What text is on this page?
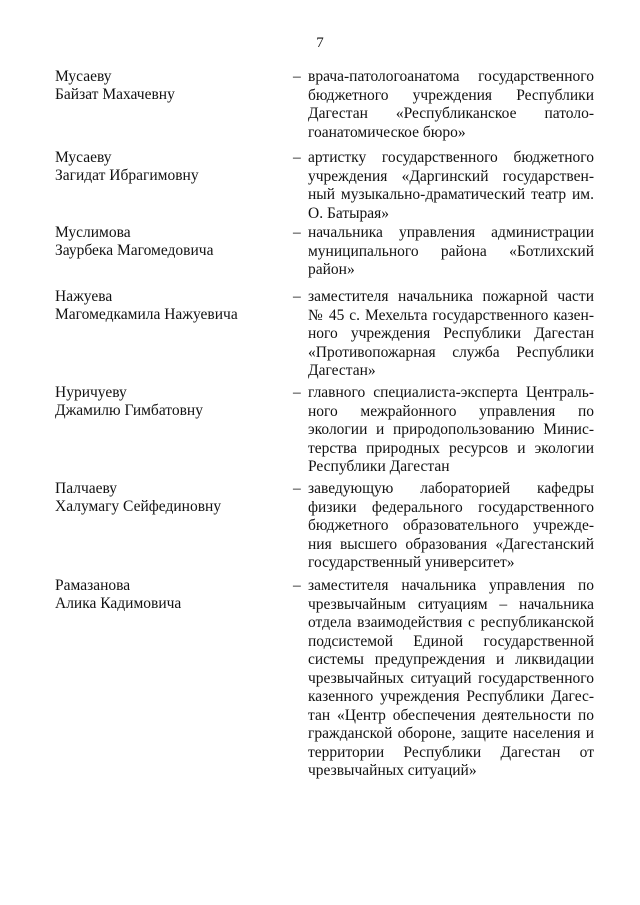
7
Мусаеву
Байзат Махачевну
– врача-патологоанатома государственного
бюджетного учреждения Республики
Дагестан «Республиканское патоло-
гоанатомическое бюро»
Мусаеву
Загидат Ибрагимовну
– артистку государственного бюджетного
учреждения «Даргинский государствен-
ный музыкально-драматический театр им.
О. Батырая»
Муслимова
Заурбека Магомедовича
– начальника управления администрации
муниципального района «Ботлихский
район»
Нажуева
Магомедкамила Нажуевича
– заместителя начальника пожарной части
№ 45 с. Мехельта государственного казен-
ного учреждения Республики Дагестан
«Противопожарная служба Республики
Дагестан»
Нуричуеву
Джамилю Гимбатовну
– главного специалиста-эксперта Централь-
ного межрайонного управления по
экологии и природопользованию Минис-
терства природных ресурсов и экологии
Республики Дагестан
Палчаеву
Халумагу Сейфединовну
– заведующую лабораторией кафедры
физики федерального государственного
бюджетного образовательного учрежде-
ния высшего образования «Дагестанский
государственный университет»
Рамазанова
Алика Кадимовича
– заместителя начальника управления по
чрезвычайным ситуациям – начальника
отдела взаимодействия с республиканской
подсистемой Единой государственной
системы предупреждения и ликвидации
чрезвычайных ситуаций государственного
казенного учреждения Республики Дагес-
тан «Центр обеспечения деятельности по
гражданской обороне, защите населения и
территории Республики Дагестан от
чрезвычайных ситуаций»
